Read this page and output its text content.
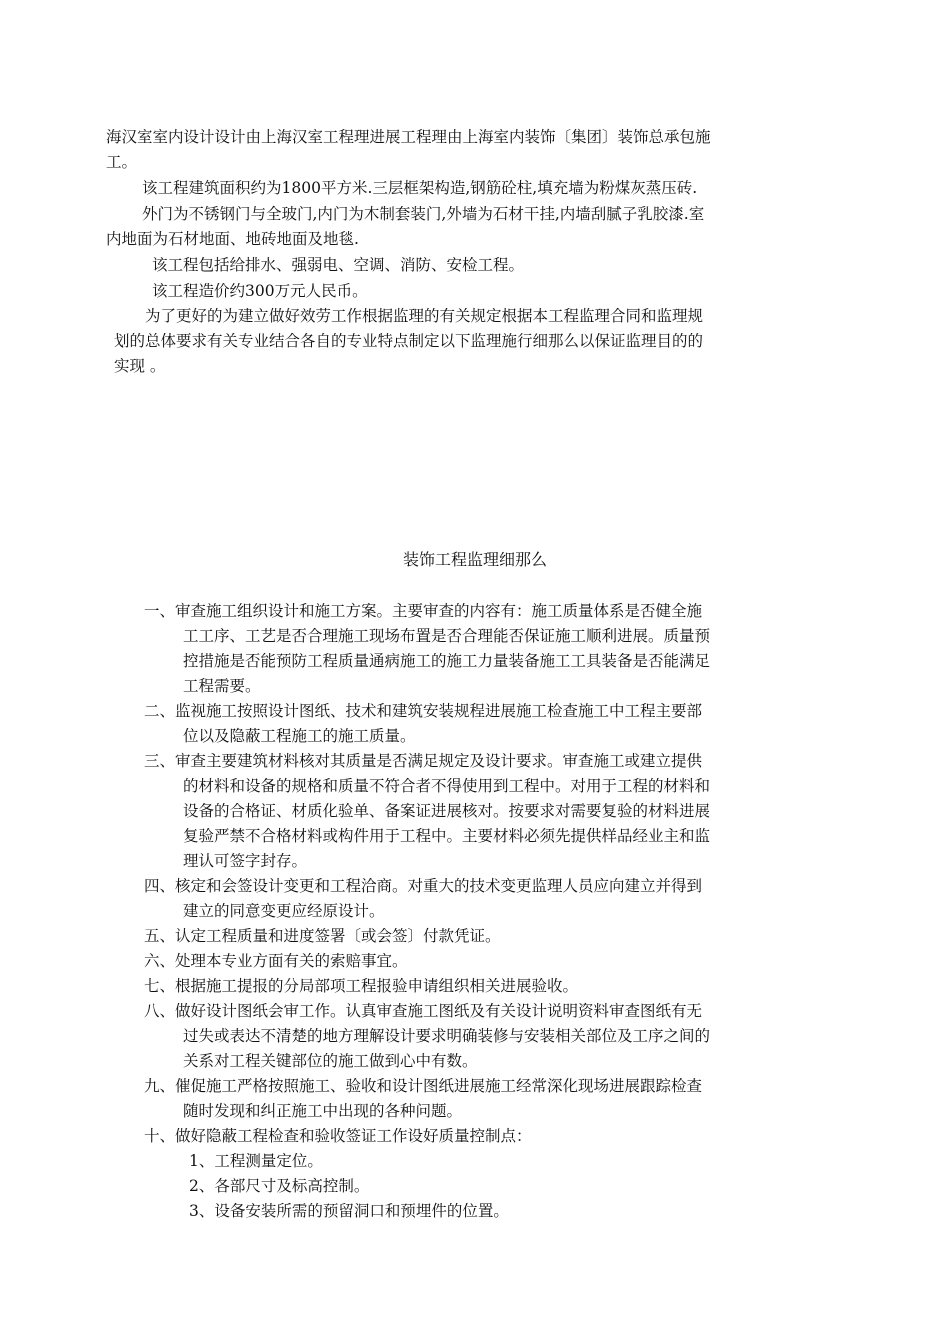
海汉室室内设计设计由上海汉室工程理进展工程理由上海室内装饰〔集团〕装饰总承包施
工。
该工程建筑面积约为1800平方米.三层框架构造,钢筋砼柱,填充墙为粉煤灰蒸压砖.
外门为不锈钢门与全玻门,内门为木制套装门,外墙为石材干挂,内墙刮腻子乳胶漆.室
内地面为石材地面、地砖地面及地毯.
该工程包括给排水、强弱电、空调、消防、安检工程。
该工程造价约300万元人民币。
为了更好的为建立做好效劳工作根据监理的有关规定根据本工程监理合同和监理规
划的总体要求有关专业结合各自的专业特点制定以下监理施行细那么以保证监理目的的
实现 。
装饰工程监理细那么
一、审查施工组织设计和施工方案。主要审查的内容有：施工质量体系是否健全施
工工序、工艺是否合理施工现场布置是否合理能否保证施工顺利进展。质量预
控措施是否能预防工程质量通病施工的施工力量装备施工工具装备是否能满足
工程需要。
二、监视施工按照设计图纸、技术和建筑安装规程进展施工检查施工中工程主要部
位以及隐蔽工程施工的施工质量。
三、审查主要建筑材料核对其质量是否满足规定及设计要求。审查施工或建立提供
的材料和设备的规格和质量不符合者不得使用到工程中。对用于工程的材料和
设备的合格证、材质化验单、备案证进展核对。按要求对需要复验的材料进展
复验严禁不合格材料或构件用于工程中。主要材料必须先提供样品经业主和监
理认可签字封存。
四、核定和会签设计变更和工程洽商。对重大的技术变更监理人员应向建立并得到
建立的同意变更应经原设计。
五、认定工程质量和进度签署〔或会签〕付款凭证。
六、处理本专业方面有关的索赔事宜。
七、根据施工提报的分局部项工程报验申请组织相关进展验收。
八、做好设计图纸会审工作。认真审查施工图纸及有关设计说明资料审查图纸有无
过失或表达不清楚的地方理解设计要求明确装修与安装相关部位及工序之间的
关系对工程关键部位的施工做到心中有数。
九、催促施工严格按照施工、验收和设计图纸进展施工经常深化现场进展跟踪检查
随时发现和纠正施工中出现的各种问题。
十、做好隐蔽工程检查和验收签证工作设好质量控制点：
1、工程测量定位。
2、各部尺寸及标高控制。
3、设备安装所需的预留洞口和预埋件的位置。
